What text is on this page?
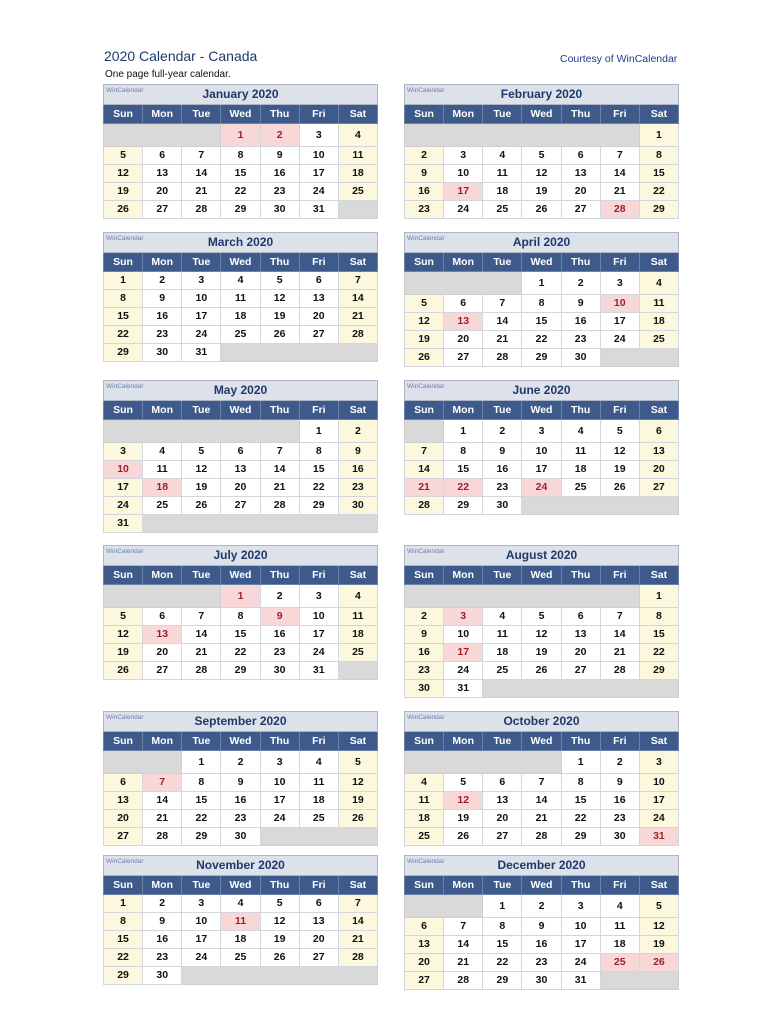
2020 Calendar - Canada
One page full-year calendar.
Courtesy of WinCalendar
WinCalendar January 2020						
Sun	Mon	Tue	Wed	Thu	Fri	Sat
			1	2	3	4
5	6	7	8	9	10	11
12	13	14	15	16	17	18
19	20	21	22	23	24	25
26	27	28	29	30	31	
WinCalendar February 2020						
Sun	Mon	Tue	Wed	Thu	Fri	Sat
						1
2	3	4	5	6	7	8
9	10	11	12	13	14	15
16	17	18	19	20	21	22
23	24	25	26	27	28	29
WinCalendar March 2020						
Sun	Mon	Tue	Wed	Thu	Fri	Sat
1	2	3	4	5	6	7
8	9	10	11	12	13	14
15	16	17	18	19	20	21
22	23	24	25	26	27	28
29	30	31				
WinCalendar April 2020						
Sun	Mon	Tue	Wed	Thu	Fri	Sat
			1	2	3	4
5	6	7	8	9	10	11
12	13	14	15	16	17	18
19	20	21	22	23	24	25
26	27	28	29	30		
WinCalendar May 2020						
Sun	Mon	Tue	Wed	Thu	Fri	Sat
					1	2
3	4	5	6	7	8	9
10	11	12	13	14	15	16
17	18	19	20	21	22	23
24	25	26	27	28	29	30
31						
WinCalendar June 2020						
Sun	Mon	Tue	Wed	Thu	Fri	Sat
	1	2	3	4	5	6
7	8	9	10	11	12	13
14	15	16	17	18	19	20
21	22	23	24	25	26	27
28	29	30				
WinCalendar July 2020						
Sun	Mon	Tue	Wed	Thu	Fri	Sat
			1	2	3	4
5	6	7	8	9	10	11
12	13	14	15	16	17	18
19	20	21	22	23	24	25
26	27	28	29	30	31	
WinCalendar August 2020						
Sun	Mon	Tue	Wed	Thu	Fri	Sat
						1
2	3	4	5	6	7	8
9	10	11	12	13	14	15
16	17	18	19	20	21	22
23	24	25	26	27	28	29
30	31					
WinCalendar September 2020						
Sun	Mon	Tue	Wed	Thu	Fri	Sat
		1	2	3	4	5
6	7	8	9	10	11	12
13	14	15	16	17	18	19
20	21	22	23	24	25	26
27	28	29	30			
WinCalendar October 2020						
Sun	Mon	Tue	Wed	Thu	Fri	Sat
				1	2	3
4	5	6	7	8	9	10
11	12	13	14	15	16	17
18	19	20	21	22	23	24
25	26	27	28	29	30	31
WinCalendar November 2020						
Sun	Mon	Tue	Wed	Thu	Fri	Sat
1	2	3	4	5	6	7
8	9	10	11	12	13	14
15	16	17	18	19	20	21
22	23	24	25	26	27	28
29	30					
WinCalendar December 2020						
Sun	Mon	Tue	Wed	Thu	Fri	Sat
		1	2	3	4	5
6	7	8	9	10	11	12
13	14	15	16	17	18	19
20	21	22	23	24	25	26
27	28	29	30	31		
